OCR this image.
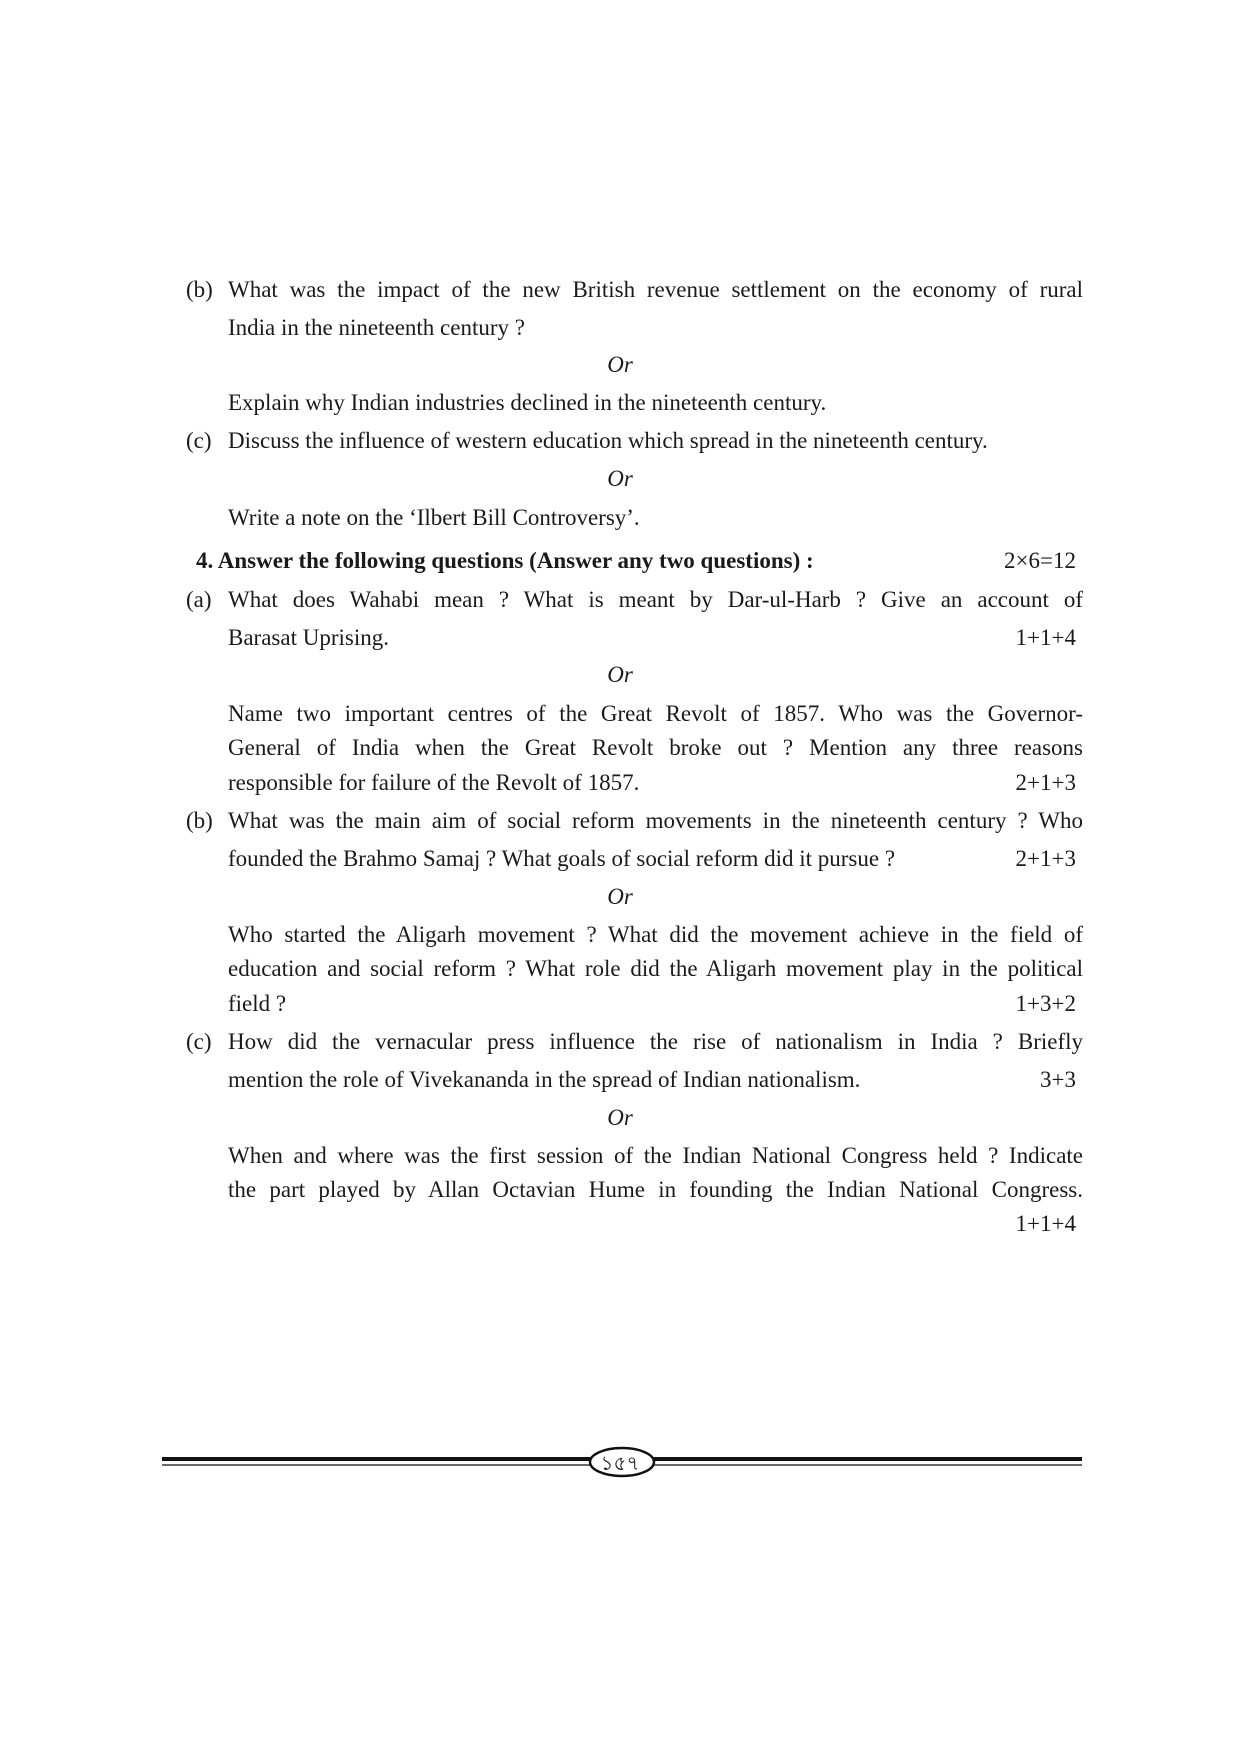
(b) What was the impact of the new British revenue settlement on the economy of rural
India in the nineteenth century ?
Or
Explain why Indian industries declined in the nineteenth century.
(c) Discuss the influence of western education which spread in the nineteenth century.
Or
Write a note on the ‘Ilbert Bill Controversy’.
4. Answer the following questions (Answer any two questions) :	2×6=12
(a) What does Wahabi mean ? What is meant by Dar-ul-Harb ? Give an account of
Barasat Uprising.	1+1+4
Or
Name two important centres of the Great Revolt of 1857. Who was the Governor-
General of India when the Great Revolt broke out ? Mention any three reasons
responsible for failure of the Revolt of 1857.	2+1+3
(b) What was the main aim of social reform movements in the nineteenth century ? Who
founded the Brahmo Samaj ? What goals of social reform did it pursue ?	2+1+3
Or
Who started the Aligarh movement ? What did the movement achieve in the field of
education and social reform ? What role did the Aligarh movement play in the political
field ?	1+3+2
(c) How did the vernacular press influence the rise of nationalism in India ? Briefly
mention the role of Vivekananda in the spread of Indian nationalism.	3+3
Or
When and where was the first session of the Indian National Congress held ? Indicate
the part played by Allan Octavian Hume in founding the Indian National Congress.
1+1+4
১৫৭
